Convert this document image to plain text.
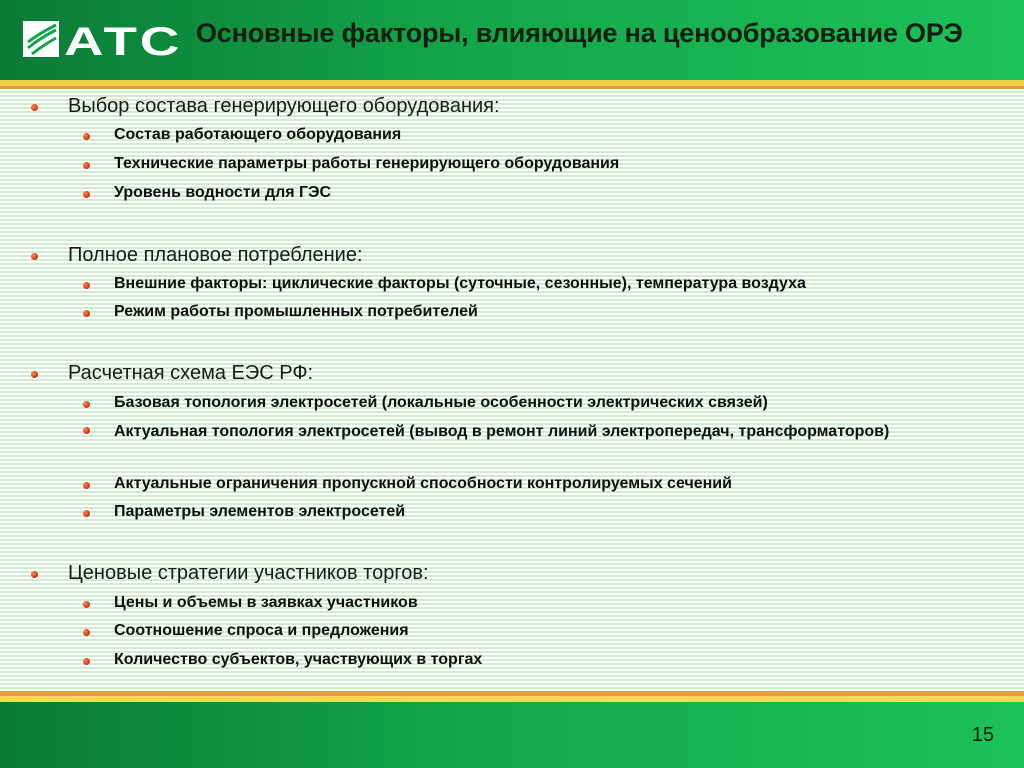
АТС Основные факторы, влияющие на ценообразование ОРЭ
Выбор состава генерирующего оборудования:
Состав работающего оборудования
Технические параметры работы генерирующего оборудования
Уровень водности для ГЭС
Полное плановое потребление:
Внешние факторы: циклические факторы (суточные, сезонные), температура воздуха
Режим работы промышленных потребителей
Расчетная схема ЕЭС РФ:
Базовая топология электросетей (локальные особенности электрических связей)
Актуальная топология электросетей (вывод в ремонт линий электропередач, трансформаторов)
Актуальные ограничения пропускной способности контролируемых сечений
Параметры элементов электросетей
Ценовые стратегии участников торгов:
Цены и объемы в заявках участников
Соотношение спроса и предложения
Количество субъектов, участвующих в торгах
15
